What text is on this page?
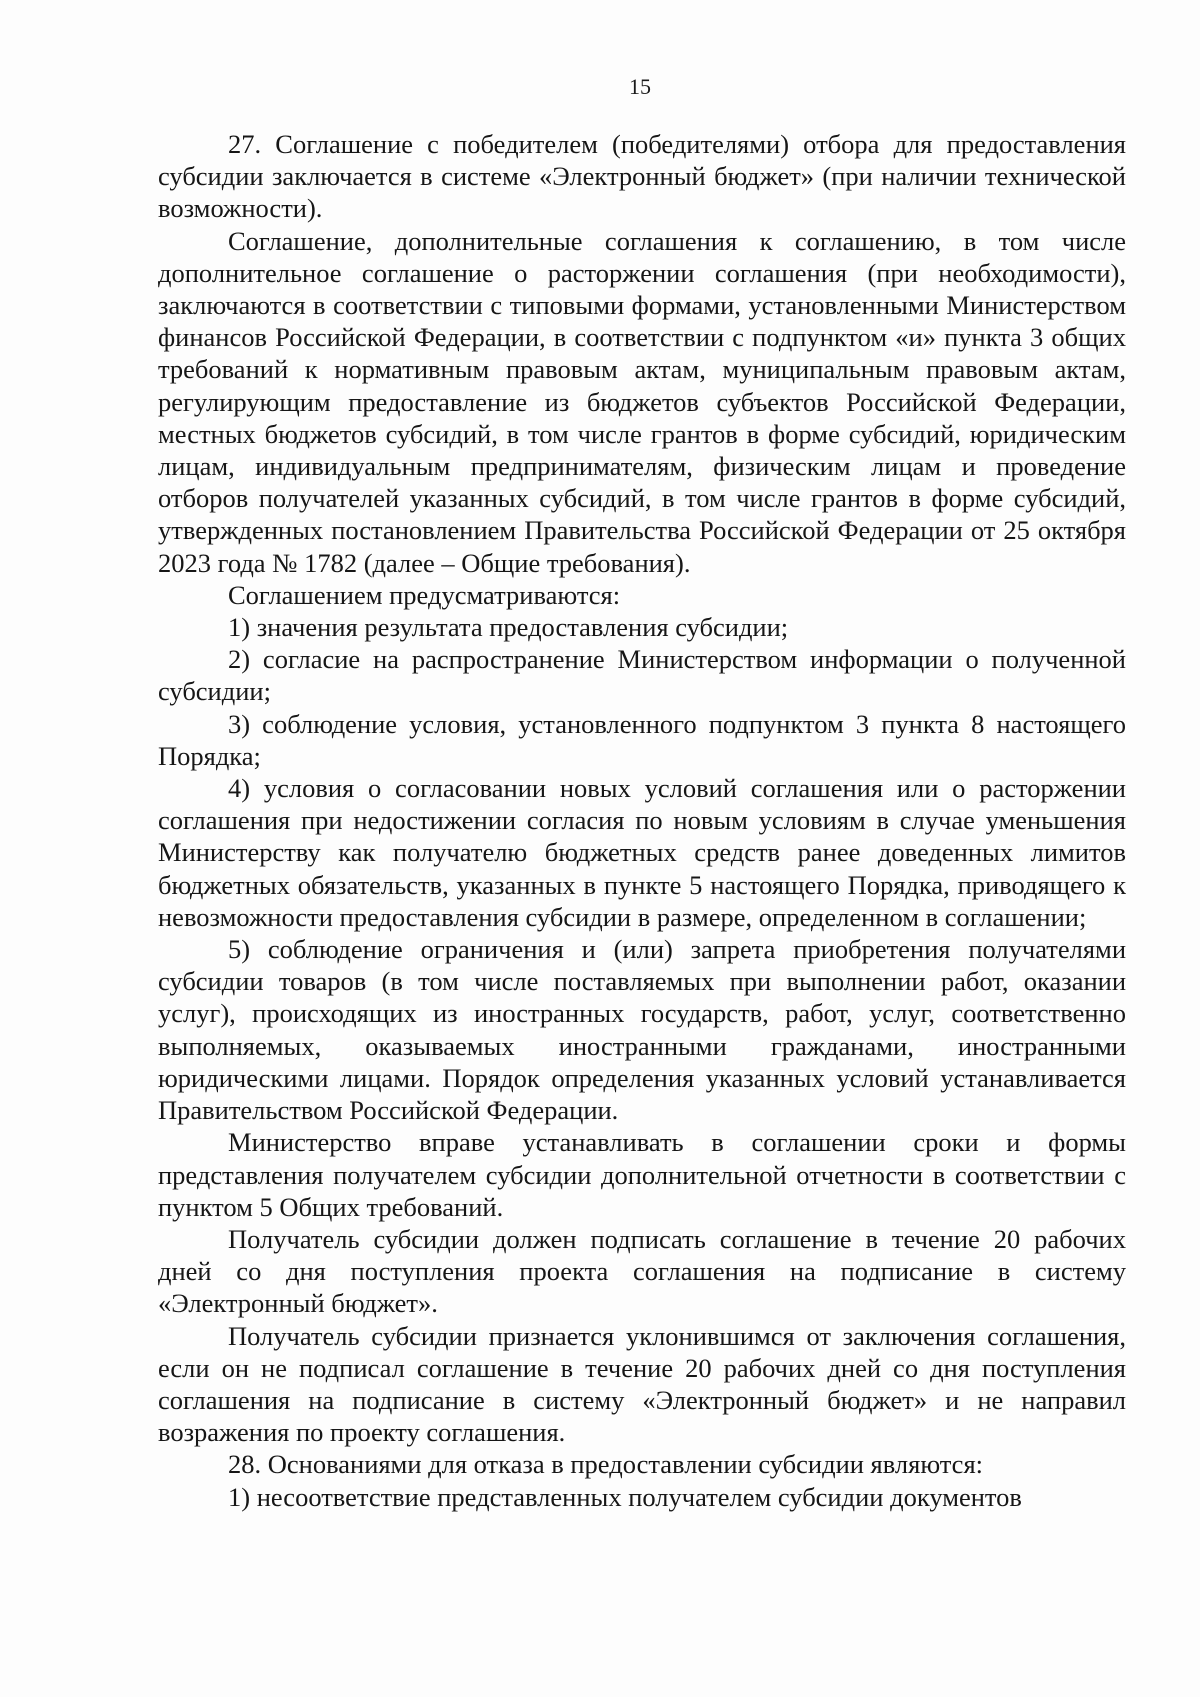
15

27. Соглашение с победителем (победителями) отбора для предоставления субсидии заключается в системе «Электронный бюджет» (при наличии технической возможности).

Соглашение, дополнительные соглашения к соглашению, в том числе дополнительное соглашение о расторжении соглашения (при необходимости), заключаются в соответствии с типовыми формами, установленными Министерством финансов Российской Федерации, в соответствии с подпунктом «и» пункта 3 общих требований к нормативным правовым актам, муниципальным правовым актам, регулирующим предоставление из бюджетов субъектов Российской Федерации, местных бюджетов субсидий, в том числе грантов в форме субсидий, юридическим лицам, индивидуальным предпринимателям, физическим лицам и проведение отборов получателей указанных субсидий, в том числе грантов в форме субсидий, утвержденных постановлением Правительства Российской Федерации от 25 октября 2023 года № 1782 (далее – Общие требования).

Соглашением предусматриваются:

1) значения результата предоставления субсидии;

2) согласие на распространение Министерством информации о полученной субсидии;

3) соблюдение условия, установленного подпунктом 3 пункта 8 настоящего Порядка;

4) условия о согласовании новых условий соглашения или о расторжении соглашения при недостижении согласия по новым условиям в случае уменьшения Министерству как получателю бюджетных средств ранее доведенных лимитов бюджетных обязательств, указанных в пункте 5 настоящего Порядка, приводящего к невозможности предоставления субсидии в размере, определенном в соглашении;

5) соблюдение ограничения и (или) запрета приобретения получателями субсидии товаров (в том числе поставляемых при выполнении работ, оказании услуг), происходящих из иностранных государств, работ, услуг, соответственно выполняемых, оказываемых иностранными гражданами, иностранными юридическими лицами. Порядок определения указанных условий устанавливается Правительством Российской Федерации.

Министерство вправе устанавливать в соглашении сроки и формы представления получателем субсидии дополнительной отчетности в соответствии с пунктом 5 Общих требований.

Получатель субсидии должен подписать соглашение в течение 20 рабочих дней со дня поступления проекта соглашения на подписание в систему «Электронный бюджет».

Получатель субсидии признается уклонившимся от заключения соглашения, если он не подписал соглашение в течение 20 рабочих дней со дня поступления соглашения на подписание в систему «Электронный бюджет» и не направил возражения по проекту соглашения.

28. Основаниями для отказа в предоставлении субсидии являются:

1) несоответствие представленных получателем субсидии документов
